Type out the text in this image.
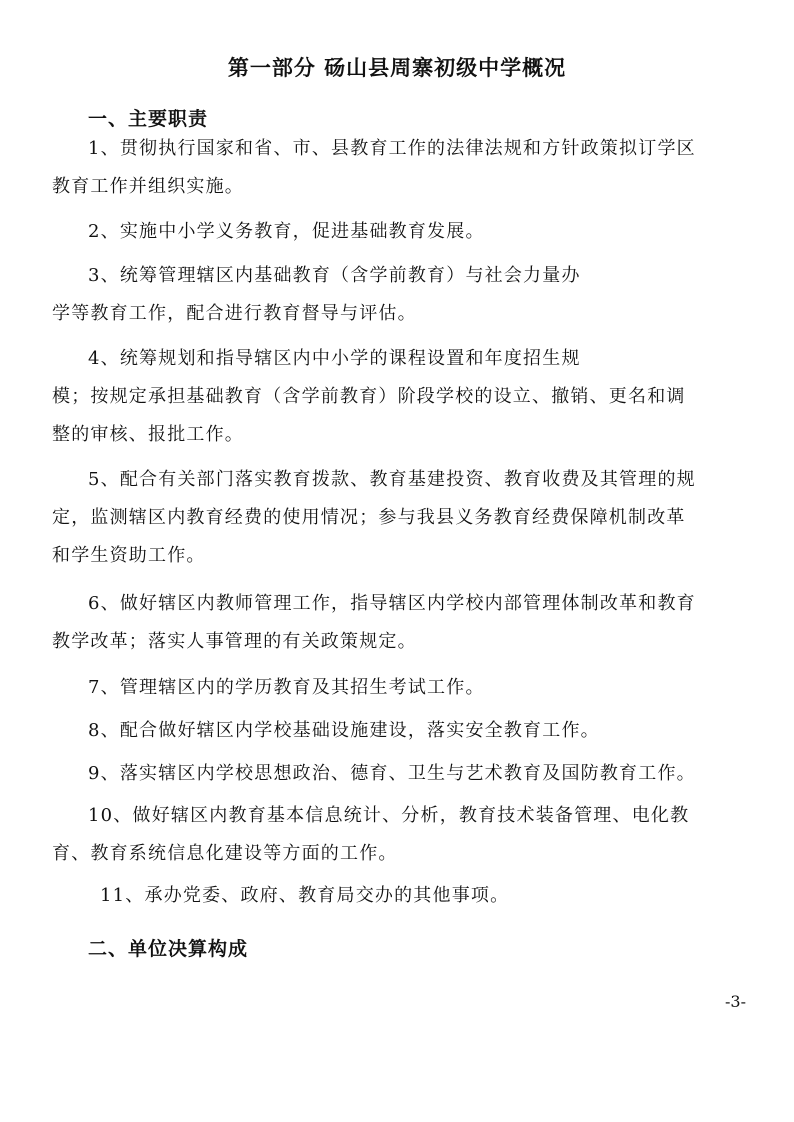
第一部分 砀山县周寨初级中学概况
一、主要职责
1、贯彻执行国家和省、市、县教育工作的法律法规和方针政策拟订学区
教育工作并组织实施。
2、实施中小学义务教育，促进基础教育发展。
3、统筹管理辖区内基础教育（含学前教育）与社会力量办
学等教育工作，配合进行教育督导与评估。
4、统筹规划和指导辖区内中小学的课程设置和年度招生规
模；按规定承担基础教育（含学前教育）阶段学校的设立、撤销、更名和调
整的审核、报批工作。
5、配合有关部门落实教育拨款、教育基建投资、教育收费及其管理的规
定，监测辖区内教育经费的使用情况；参与我县义务教育经费保障机制改革
和学生资助工作。
6、做好辖区内教师管理工作，指导辖区内学校内部管理体制改革和教育
教学改革；落实人事管理的有关政策规定。
7、管理辖区内的学历教育及其招生考试工作。
8、配合做好辖区内学校基础设施建设，落实安全教育工作。
9、落实辖区内学校思想政治、德育、卫生与艺术教育及国防教育工作。
10、做好辖区内教育基本信息统计、分析，教育技术装备管理、电化教
育、教育系统信息化建设等方面的工作。
11、承办党委、政府、教育局交办的其他事项。
二、单位决算构成
-3-
